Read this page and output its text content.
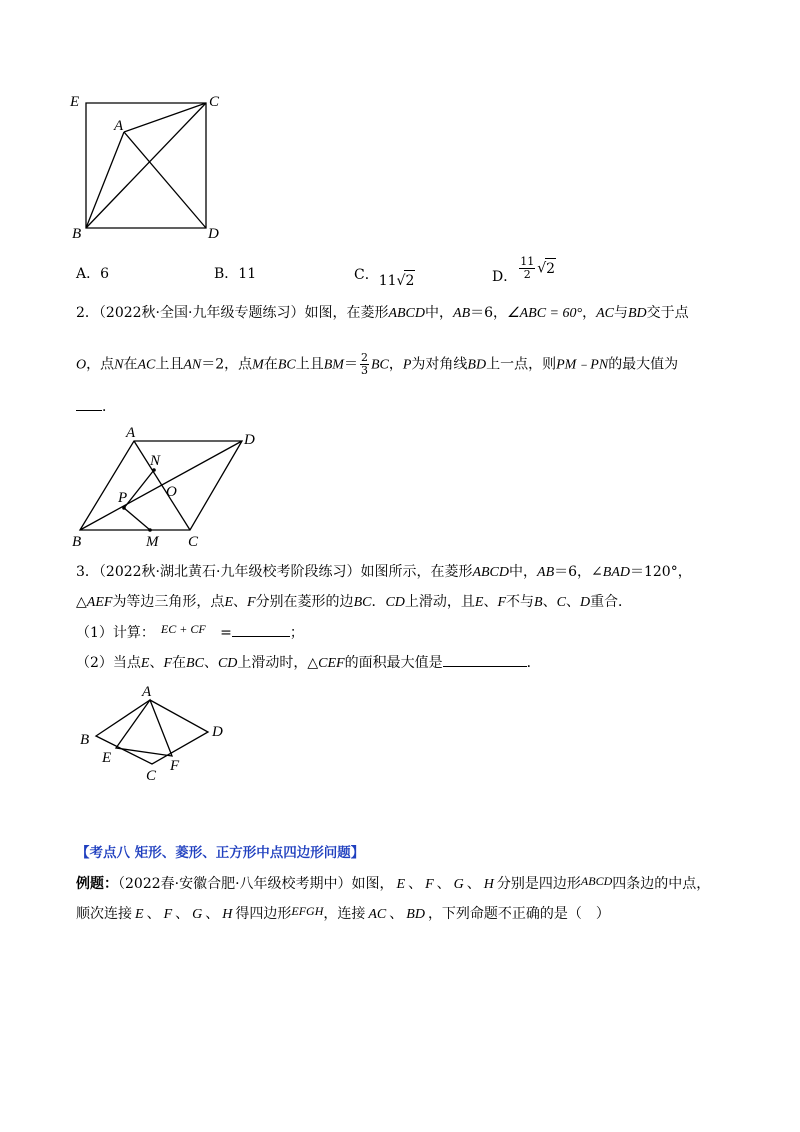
E	C
A
B	D
A．6	B．11	C．11√2	D． $\frac{11}{2} √2$
2．（2022秋·全国·九年级专题练习）如图，在菱形ABCD中，AB＝6，∠ABC = 60°，AC与BD交于点
O，点N在AC上且AN＝2，点M在BC上且$BM= \frac{2}{3}$ BC，P为对角线BD上一点，则PM﹣PN的最大值为
．
A	D
N
O
P
B	M C
3．（2022秋·湖北黄石·九年级校考阶段练习）如图所示，在菱形ABCD中，AB＝6，∠BAD＝120°，
△AEF为等边三角形，点E、F分别在菱形的边BC．CD上滑动，且E、F不与B、C、D重合．
（1）计算： EC + CF =	；
（2）当点E、F在BC、CD上滑动时，△CEF的面积最大值是	．
A
B	D
E	F
C
【考点八 矩形、菱形、正方形中点四边形问题】
例题：（2022春·安徽合肥·八年级校考期中）如图， E 、 F 、 G 、 H 分别是四边形ABCD四条边的中点，
顺次连接 E 、 F 、 G 、 H 得四边形EFGH，连接 AC 、 BD ，下列命题不正确的是（　）
